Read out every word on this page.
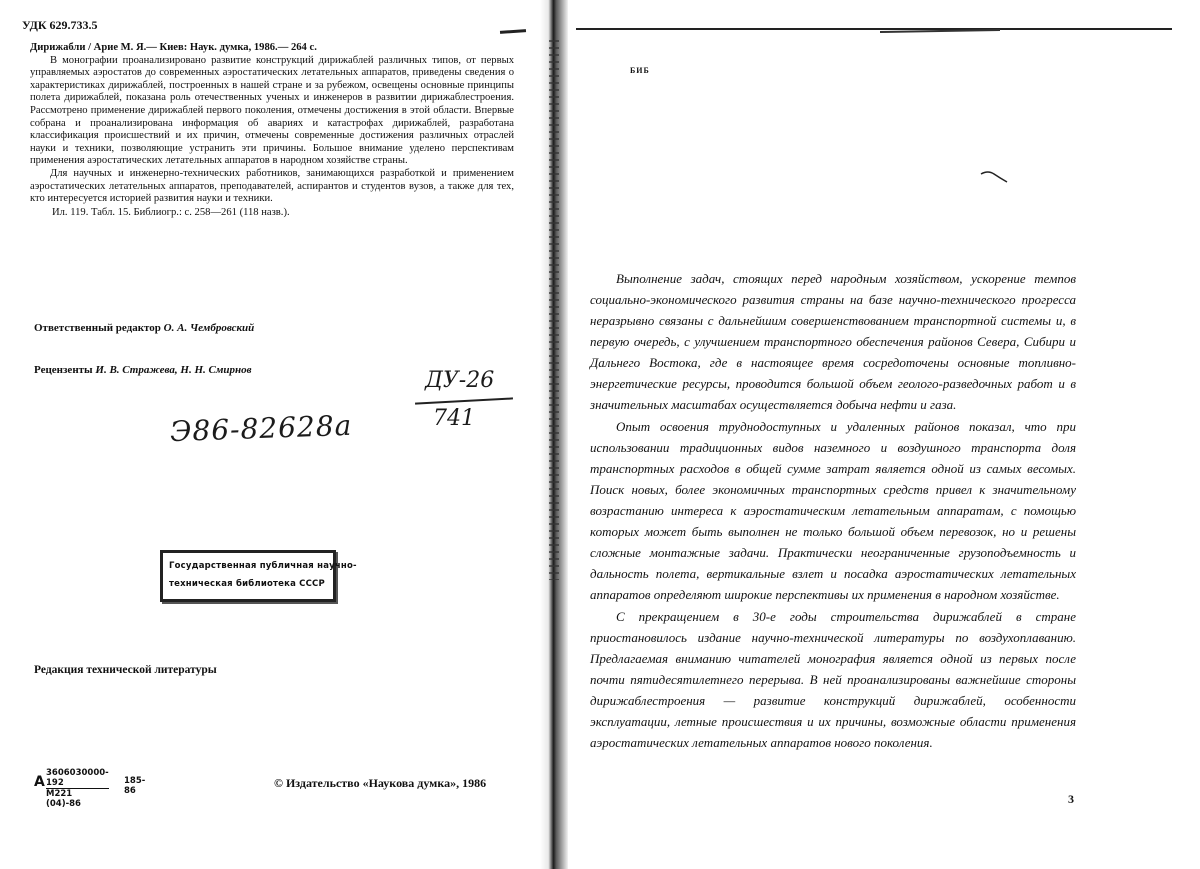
УДК 629.733.5

Дирижабли / Арие М. Я.— Киев: Наук. думка, 1986.— 264 с.

В монографии проанализировано развитие конструкций дирижаблей различных типов, от первых управляемых аэростатов до современных аэростатических летательных аппаратов, приведены сведения о характеристиках дирижаблей, построенных в нашей стране и за рубежом, освещены основные принципы полета дирижаблей, показана роль отечественных ученых и инженеров в развитии дирижаблестроения. Рассмотрено применение дирижаблей первого поколения, отмечены достижения в этой области. Впервые собрана и проанализирована информация об авариях и катастрофах дирижаблей, разработана классификация происшествий и их причин, отмечены современные достижения различных отраслей науки и техники, позволяющие устранить эти причины. Большое внимание уделено перспективам применения аэростатических летательных аппаратов в народном хозяйстве страны.

Для научных и инженерно-технических работников, занимающихся разработкой и применением аэростатических летательных аппаратов, преподавателей, аспирантов и студентов вузов, а также для тех, кто интересуется историей развития науки и техники.

Ил. 119. Табл. 15. Библиогр.: с. 258—261 (118 назв.).

Ответственный редактор О. А. Чембровский
Рецензенты И. В. Стражева, Н. Н. Смирнов
Э86-82628а
ДУ-26
741
Государственная публичная научно-
техническая библиотека СССР
Редакция технической литературы
А
3606030000-192
М221 (04)-86
185-86
© Издательство «Наукова думка», 1986
БИБ

Выполнение задач, стоящих перед народным хозяйством, ускорение темпов социально-экономического развития страны на базе научно-технического прогресса неразрывно связаны с дальнейшим совершенствованием транспортной системы и, в первую очередь, с улучшением транспортного обеспечения районов Севера, Сибири и Дальнего Востока, где в настоящее время сосредоточены основные топливно-энергетические ресурсы, проводится большой объем геолого-разведочных работ и в значительных масштабах осуществляется добыча нефти и газа.

Опыт освоения труднодоступных и удаленных районов показал, что при использовании традиционных видов наземного и воздушного транспорта доля транспортных расходов в общей сумме затрат является одной из самых весомых. Поиск новых, более экономичных транспортных средств привел к значительному возрастанию интереса к аэростатическим летательным аппаратам, с помощью которых может быть выполнен не только большой объем перевозок, но и решены сложные монтажные задачи. Практически неограниченные грузоподъемность и дальность полета, вертикальные взлет и посадка аэростатических летательных аппаратов определяют широкие перспективы их применения в народном хозяйстве.

С прекращением в 30-е годы строительства дирижаблей в стране приостановилось издание научно-технической литературы по воздухоплаванию. Предлагаемая вниманию читателей монография является одной из первых после почти пятидесятилетнего перерыва. В ней проанализированы важнейшие стороны дирижаблестроения — развитие конструкций дирижаблей, особенности эксплуатации, летные происшествия и их причины, возможные области применения аэростатических летательных аппаратов нового поколения.

3
